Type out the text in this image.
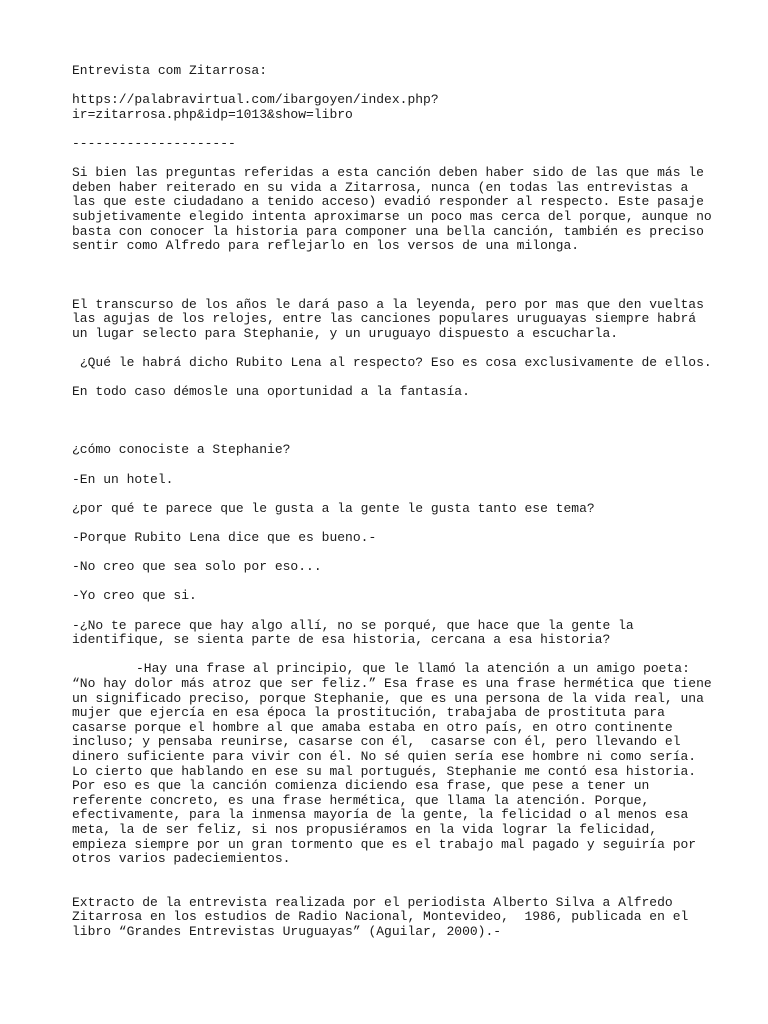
Entrevista com Zitarrosa:

https://palabravirtual.com/ibargoyen/index.php?ir=zitarrosa.php&idp=1013&show=libro

---------------------

Si bien las preguntas referidas a esta canción deben haber sido de las que más le deben haber reiterado en su vida a Zitarrosa, nunca (en todas las entrevistas a las que este ciudadano a tenido acceso) evadió responder al respecto. Este pasaje subjetivamente elegido intenta aproximarse un poco mas cerca del porque, aunque no basta con conocer la historia para componer una bella canción, también es preciso sentir como Alfredo para reflejarlo en los versos de una milonga.

El transcurso de los años le dará paso a la leyenda, pero por mas que den vueltas las agujas de los relojes, entre las canciones populares uruguayas siempre habrá un lugar selecto para Stephanie, y un uruguayo dispuesto a escucharla.

¿Qué le habrá dicho Rubito Lena al respecto? Eso es cosa exclusivamente de ellos.

En todo caso démosle una oportunidad a la fantasía.

¿cómo conociste a Stephanie?

-En un hotel.

¿por qué te parece que le gusta a la gente le gusta tanto ese tema?

-Porque Rubito Lena dice que es bueno.-

-No creo que sea solo por eso...

-Yo creo que si.

-¿No te parece que hay algo allí, no se porqué, que hace que la gente la identifique, se sienta parte de esa historia, cercana a esa historia?

-Hay una frase al principio, que le llamó la atención a un amigo poeta: “No hay dolor más atroz que ser feliz.” Esa frase es una frase hermética que tiene un significado preciso, porque Stephanie, que es una persona de la vida real, una mujer que ejercía en esa época la prostitución, trabajaba de prostituta para casarse porque el hombre al que amaba estaba en otro país, en otro continente incluso; y pensaba reunirse, casarse con él,  casarse con él, pero llevando el dinero suficiente para vivir con él. No sé quien sería ese hombre ni como sería. Lo cierto que hablando en ese su mal portugués, Stephanie me contó esa historia. Por eso es que la canción comienza diciendo esa frase, que pese a tener un referente concreto, es una frase hermética, que llama la atención. Porque, efectivamente, para la inmensa mayoría de la gente, la felicidad o al menos esa meta, la de ser feliz, si nos propusiéramos en la vida lograr la felicidad, empieza siempre por un gran tormento que es el trabajo mal pagado y seguiría por otros varios padeciemientos.

Extracto de la entrevista realizada por el periodista Alberto Silva a Alfredo Zitarrosa en los estudios de Radio Nacional, Montevideo,  1986, publicada en el libro “Grandes Entrevistas Uruguayas” (Aguilar, 2000).-
